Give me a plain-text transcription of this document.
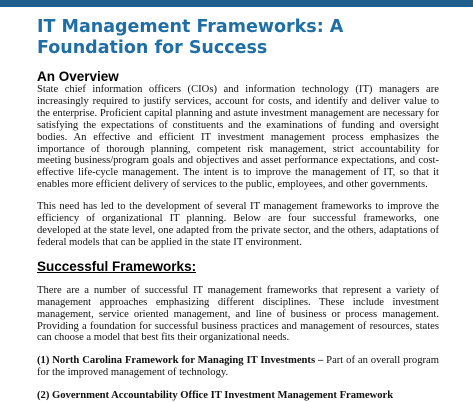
IT Management Frameworks: A Foundation for Success
An Overview

State chief information officers (CIOs) and information technology (IT) managers are increasingly required to justify services, account for costs, and identify and deliver value to the enterprise. Proficient capital planning and astute investment management are necessary for satisfying the expectations of constituents and the examinations of funding and oversight bodies. An effective and efficient IT investment management process emphasizes the importance of thorough planning, competent risk management, strict accountability for meeting business/program goals and objectives and asset performance expectations, and cost-effective life-cycle management. The intent is to improve the management of IT, so that it enables more efficient delivery of services to the public, employees, and other governments.

This need has led to the development of several IT management frameworks to improve the efficiency of organizational IT planning. Below are four successful frameworks, one developed at the state level, one adapted from the private sector, and the others, adaptations of federal models that can be applied in the state IT environment.

Successful Frameworks:

There are a number of successful IT management frameworks that represent a variety of management approaches emphasizing different disciplines. These include investment management, service oriented management, and line of business or process management. Providing a foundation for successful business practices and management of resources, states can choose a model that best fits their organizational needs.

(1) North Carolina Framework for Managing IT Investments – Part of an overall program for the improved management of technology.

(2) Government Accountability Office IT Investment Management Framework
